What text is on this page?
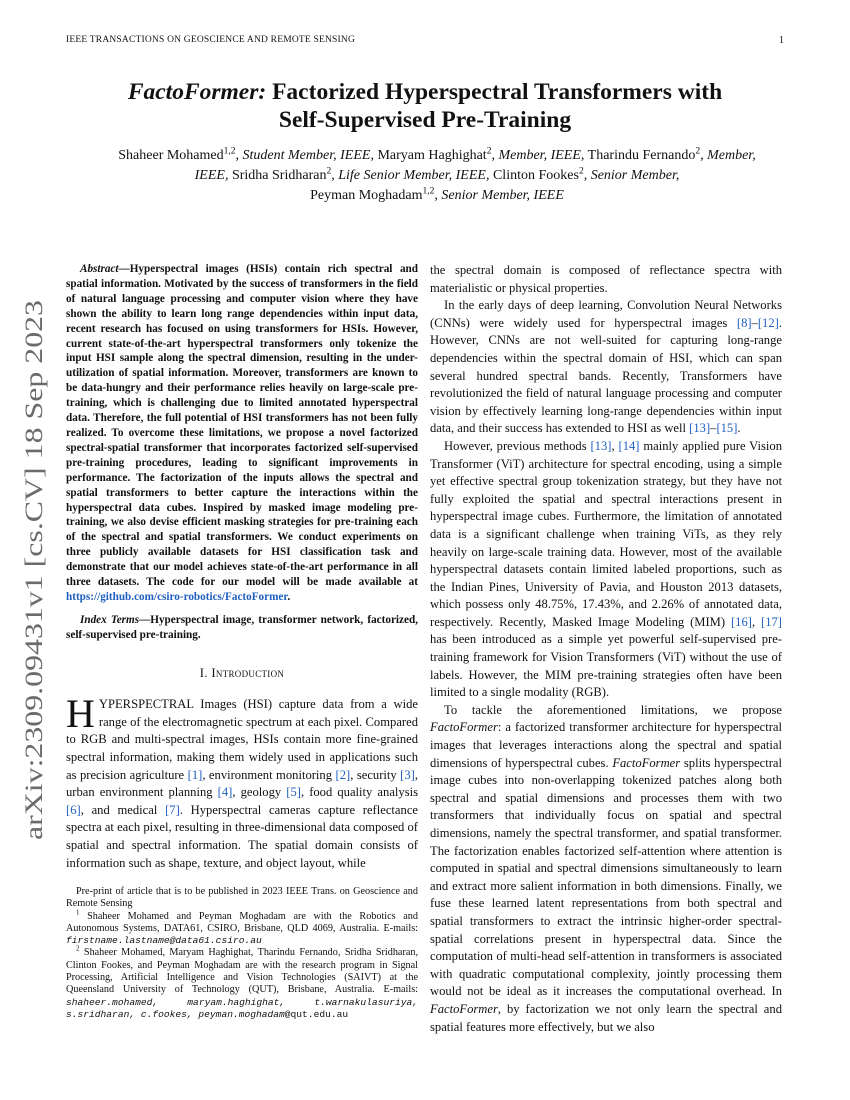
IEEE TRANSACTIONS ON GEOSCIENCE AND REMOTE SENSING	1
arXiv:2309.09431v1 [cs.CV] 18 Sep 2023
FactoFormer: Factorized Hyperspectral Transformers with
Self-Supervised Pre-Training
Shaheer Mohamed$^{1,2}$, Student Member, IEEE, Maryam Haghighat$^2$, Member, IEEE, Tharindu Fernando$^2$, Member, IEEE, Sridha Sridharan$^2$, Life Senior Member, IEEE, Clinton Fookes$^2$, Senior Member,
Peyman Moghadam$^{1,2}$, Senior Member, IEEE

Abstract—Hyperspectral images (HSIs) contain rich spectral and spatial information. Motivated by the success of transformers in the field of natural language processing and computer vision where they have shown the ability to learn long range dependencies within input data, recent research has focused on using transformers for HSIs. However, current state-of-the-art hyperspectral transformers only tokenize the input HSI sample along the spectral dimension, resulting in the under-utilization of spatial information. Moreover, transformers are known to be data-hungry and their performance relies heavily on large-scale pre-training, which is challenging due to limited annotated hyperspectral data. Therefore, the full potential of HSI transformers has not been fully realized. To overcome these limitations, we propose a novel factorized spectral-spatial transformer that incorporates factorized self-supervised pre-training procedures, leading to significant improvements in performance. The factorization of the inputs allows the spectral and spatial transformers to better capture the interactions within the hyperspectral data cubes. Inspired by masked image modeling pre-training, we also devise efficient masking strategies for pre-training each of the spectral and spatial transformers. We conduct experiments on three publicly available datasets for HSI classification task and demonstrate that our model achieves state-of-the-art performance in all three datasets. The code for our model will be made available at https://github.com/csiro-robotics/FactoFormer.

Index Terms—Hyperspectral image, transformer network, factorized, self-supervised pre-training.

I. Introduction

HYPERSPECTRAL Images (HSI) capture data from a wide range of the electromagnetic spectrum at each pixel. Compared to RGB and multi-spectral images, HSIs contain more fine-grained spectral information, making them widely used in applications such as precision agriculture [1], environment monitoring [2], security [3], urban environment planning [4], geology [5], food quality analysis [6], and medical [7]. Hyperspectral cameras capture reflectance spectra at each pixel, resulting in three-dimensional data composed of spatial and spectral information. The spatial domain consists of information such as shape, texture, and object layout, while

Pre-print of article that is to be published in 2023 IEEE Trans. on Geoscience and Remote Sensing

$^1$ Shaheer Mohamed and Peyman Moghadam are with the Robotics and Autonomous Systems, DATA61, CSIRO, Brisbane, QLD 4069, Australia. E-mails: firstname.lastname@data61.csiro.au

$^2$ Shaheer Mohamed, Maryam Haghighat, Tharindu Fernando, Sridha Sridharan, Clinton Fookes, and Peyman Moghadam are with the research program in Signal Processing, Artificial Intelligence and Vision Technologies (SAIVT) at the Queensland University of Technology (QUT), Brisbane, Australia. E-mails: shaheer.mohamed, maryam.haghighat, t.warnakulasuriya, s.sridharan, c.fookes, peyman.moghadam@qut.edu.au

the spectral domain is composed of reflectance spectra with materialistic or physical properties.

In the early days of deep learning, Convolution Neural Networks (CNNs) were widely used for hyperspectral images [8]–[12]. However, CNNs are not well-suited for capturing long-range dependencies within the spectral domain of HSI, which can span several hundred spectral bands. Recently, Transformers have revolutionized the field of natural language processing and computer vision by effectively learning long-range dependencies within input data, and their success has extended to HSI as well [13]–[15].

However, previous methods [13], [14] mainly applied pure Vision Transformer (ViT) architecture for spectral encoding, using a simple yet effective spectral group tokenization strategy, but they have not fully exploited the spatial and spectral interactions present in hyperspectral image cubes. Furthermore, the limitation of annotated data is a significant challenge when training ViTs, as they rely heavily on large-scale training data. However, most of the available hyperspectral datasets contain limited labeled proportions, such as the Indian Pines, University of Pavia, and Houston 2013 datasets, which possess only 48.75%, 17.43%, and 2.26% of annotated data, respectively. Recently, Masked Image Modeling (MIM) [16], [17] has been introduced as a simple yet powerful self-supervised pre-training framework for Vision Transformers (ViT) without the use of labels. However, the MIM pre-training strategies often have been limited to a single modality (RGB).

To tackle the aforementioned limitations, we propose FactoFormer: a factorized transformer architecture for hyperspectral images that leverages interactions along the spectral and spatial dimensions of hyperspectral cubes. FactoFormer splits hyperspectral image cubes into non-overlapping tokenized patches along both spectral and spatial dimensions and processes them with two transformers that individually focus on spatial and spectral dimensions, namely the spectral transformer, and spatial transformer. The factorization enables factorized self-attention where attention is computed in spatial and spectral dimensions simultaneously to learn and extract more salient information in both dimensions. Finally, we fuse these learned latent representations from both spectral and spatial transformers to extract the intrinsic higher-order spectral-spatial correlations present in hyperspectral data. Since the computation of multi-head self-attention in transformers is associated with quadratic computational complexity, jointly processing them would not be ideal as it increases the computational overhead. In FactoFormer, by factorization we not only learn the spectral and spatial features more effectively, but we also
